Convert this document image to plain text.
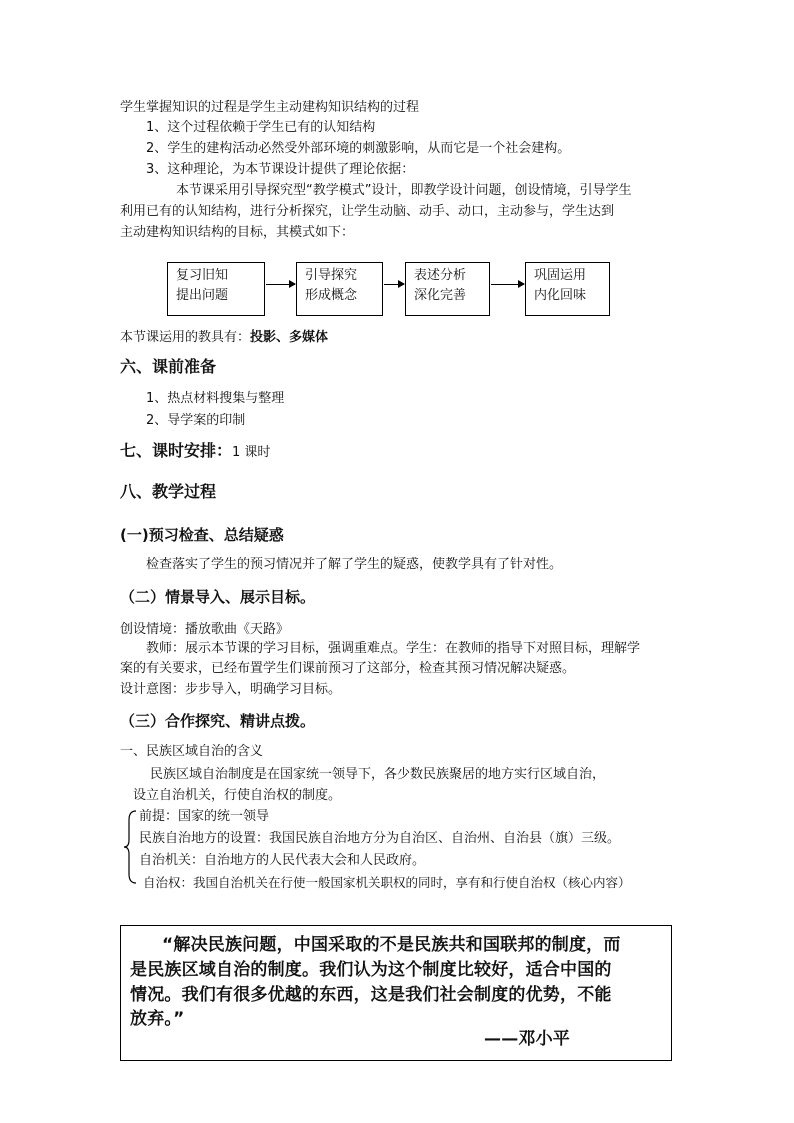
学生掌握知识的过程是学生主动建构知识结构的过程
1、这个过程依赖于学生已有的认知结构
2、学生的建构活动必然受外部环境的刺激影响，从而它是一个社会建构。
3、这种理论，为本节课设计提供了理论依据：
本节课采用引导探究型“教学模式”设计，即教学设计问题，创设情境，引导学生
利用已有的认知结构，进行分析探究，让学生动脑、动手、动口，主动参与，学生达到
主动建构知识结构的目标，其模式如下：
复习旧知
提出问题
引导探究
形成概念
表述分析
深化完善
巩固运用
内化回味
本节课运用的教具有：投影、多媒体
六、课前准备
1、热点材料搜集与整理
2、导学案的印制
七、课时安排：1 课时
八、教学过程
(一)预习检查、总结疑惑
检查落实了学生的预习情况并了解了学生的疑惑，使教学具有了针对性。
（二）情景导入、展示目标。
创设情境：播放歌曲《天路》
教师：展示本节课的学习目标，强调重难点。学生：在教师的指导下对照目标，理解学
案的有关要求，已经布置学生们课前预习了这部分，检查其预习情况解决疑惑。
设计意图：步步导入，明确学习目标。
（三）合作探究、精讲点拨。
一、民族区域自治的含义
民族区域自治制度是在国家统一领导下，各少数民族聚居的地方实行区域自治，
设立自治机关，行使自治权的制度。
前提：国家的统一领导
民族自治地方的设置：我国民族自治地方分为自治区、自治州、自治县（旗）三级。
自治机关：自治地方的人民代表大会和人民政府。
自治权：我国自治机关在行使一般国家机关职权的同时，享有和行使自治权（核心内容）
“解决民族问题，中国采取的不是民族共和国联邦的制度，而
是民族区域自治的制度。我们认为这个制度比较好，适合中国的
情况。我们有很多优越的东西，这是我们社会制度的优势，不能
放弃。”
——邓小平
